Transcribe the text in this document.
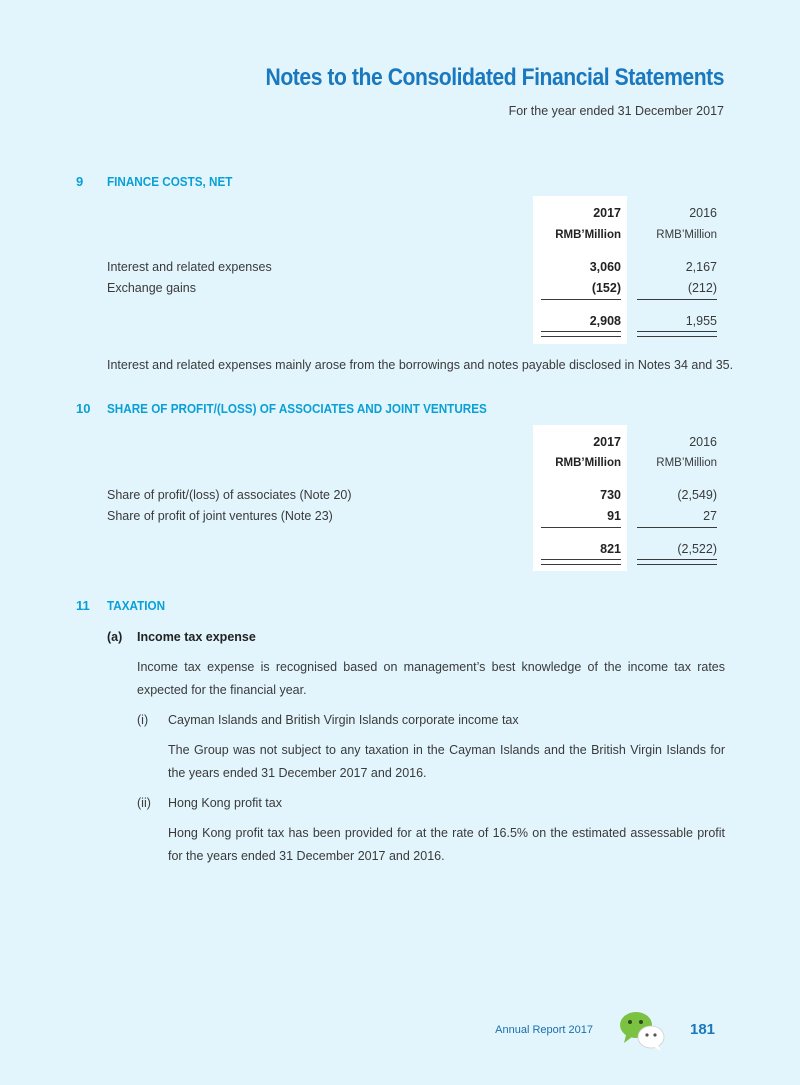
Notes to the Consolidated Financial Statements
For the year ended 31 December 2017
9 FINANCE COSTS, NET
2017	2016
RMB’Million	RMB’Million
Interest and related expenses	3,060	2,167
Exchange gains	(152)	(212)
2,908	1,955
Interest and related expenses mainly arose from the borrowings and notes payable disclosed in Notes 34 and 35.
10 SHARE OF PROFIT/(LOSS) OF ASSOCIATES AND JOINT VENTURES
2017	2016
RMB’Million	RMB’Million
Share of profit/(loss) of associates (Note 20)	730	(2,549)
Share of profit of joint ventures (Note 23)	91	27
821	(2,522)
11 TAXATION
(a) Income tax expense
Income tax expense is recognised based on management’s best knowledge of the income tax rates expected for the financial year.
(i) Cayman Islands and British Virgin Islands corporate income tax
The Group was not subject to any taxation in the Cayman Islands and the British Virgin Islands for the years ended 31 December 2017 and 2016.
(ii) Hong Kong profit tax
Hong Kong profit tax has been provided for at the rate of 16.5% on the estimated assessable profit for the years ended 31 December 2017 and 2016.
Annual Report 2017	181
